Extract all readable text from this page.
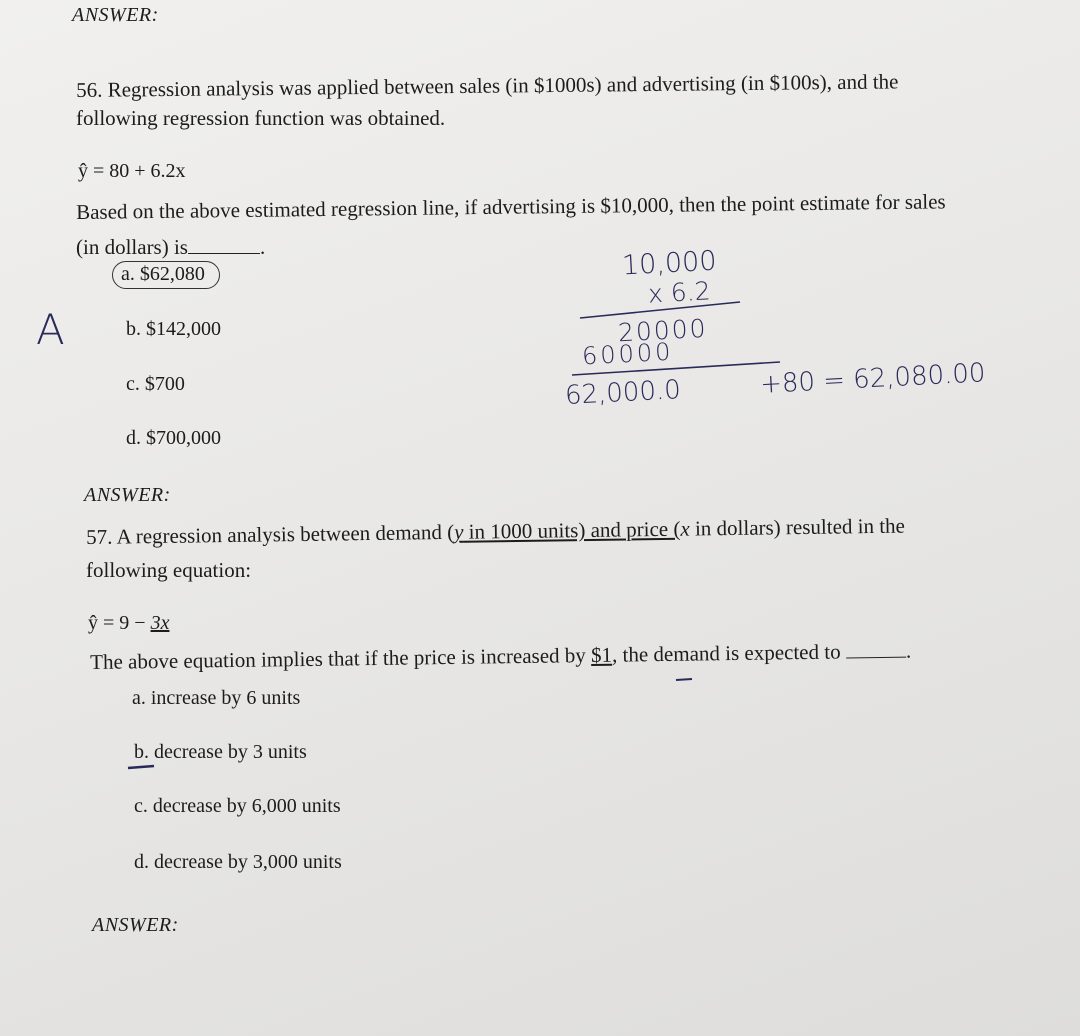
ANSWER:
56. Regression analysis was applied between sales (in $1000s) and advertising (in $100s), and the
following regression function was obtained.
ŷ = 80 + 6.2x
Based on the above estimated regression line, if advertising is $10,000, then the point estimate for sales
(in dollars) is	.
a. $62,080
b. $142,000
c. $700
d. $700,000
ANSWER:
A
10,000
x 6.2
20000
60000
62,000.0	+80 = 62,080.00
57. A regression analysis between demand (y in 1000 units) and price (x in dollars) resulted in the
following equation:
ŷ = 9 − 3x
The above equation implies that if the price is increased by $1, the demand is expected to	.
a. increase by 6 units
b. decrease by 3 units
c. decrease by 6,000 units
d. decrease by 3,000 units
ANSWER:
